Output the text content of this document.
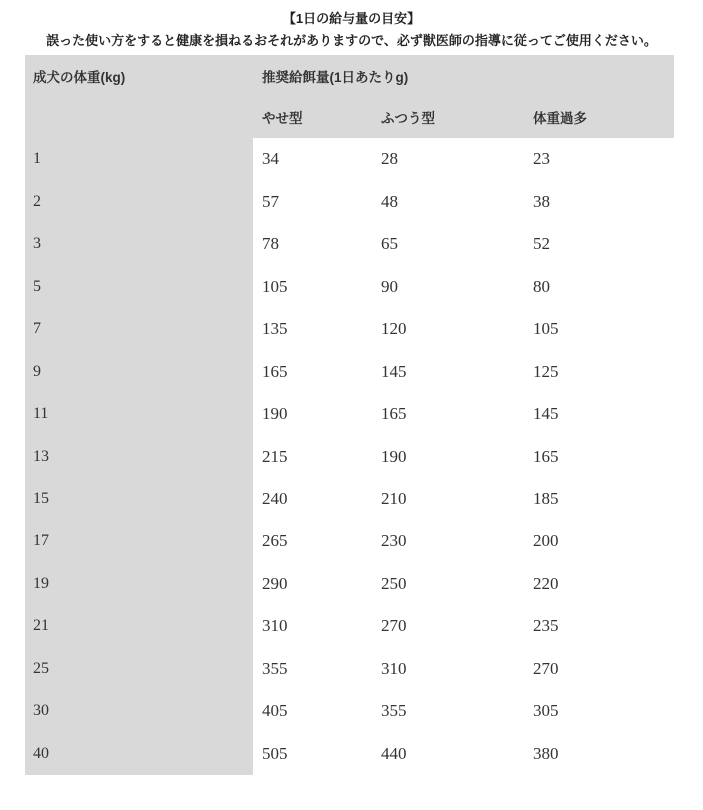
【1日の給与量の目安】
誤った使い方をすると健康を損ねるおそれがありますので、必ず獣医師の指導に従ってご使用ください。
成犬の体重(kg)	推奨給餌量(1日あたりg)		
	やせ型	ふつう型	体重過多
1	34	28	23
2	57	48	38
3	78	65	52
5	105	90	80
7	135	120	105
9	165	145	125
11	190	165	145
13	215	190	165
15	240	210	185
17	265	230	200
19	290	250	220
21	310	270	235
25	355	310	270
30	405	355	305
40	505	440	380
